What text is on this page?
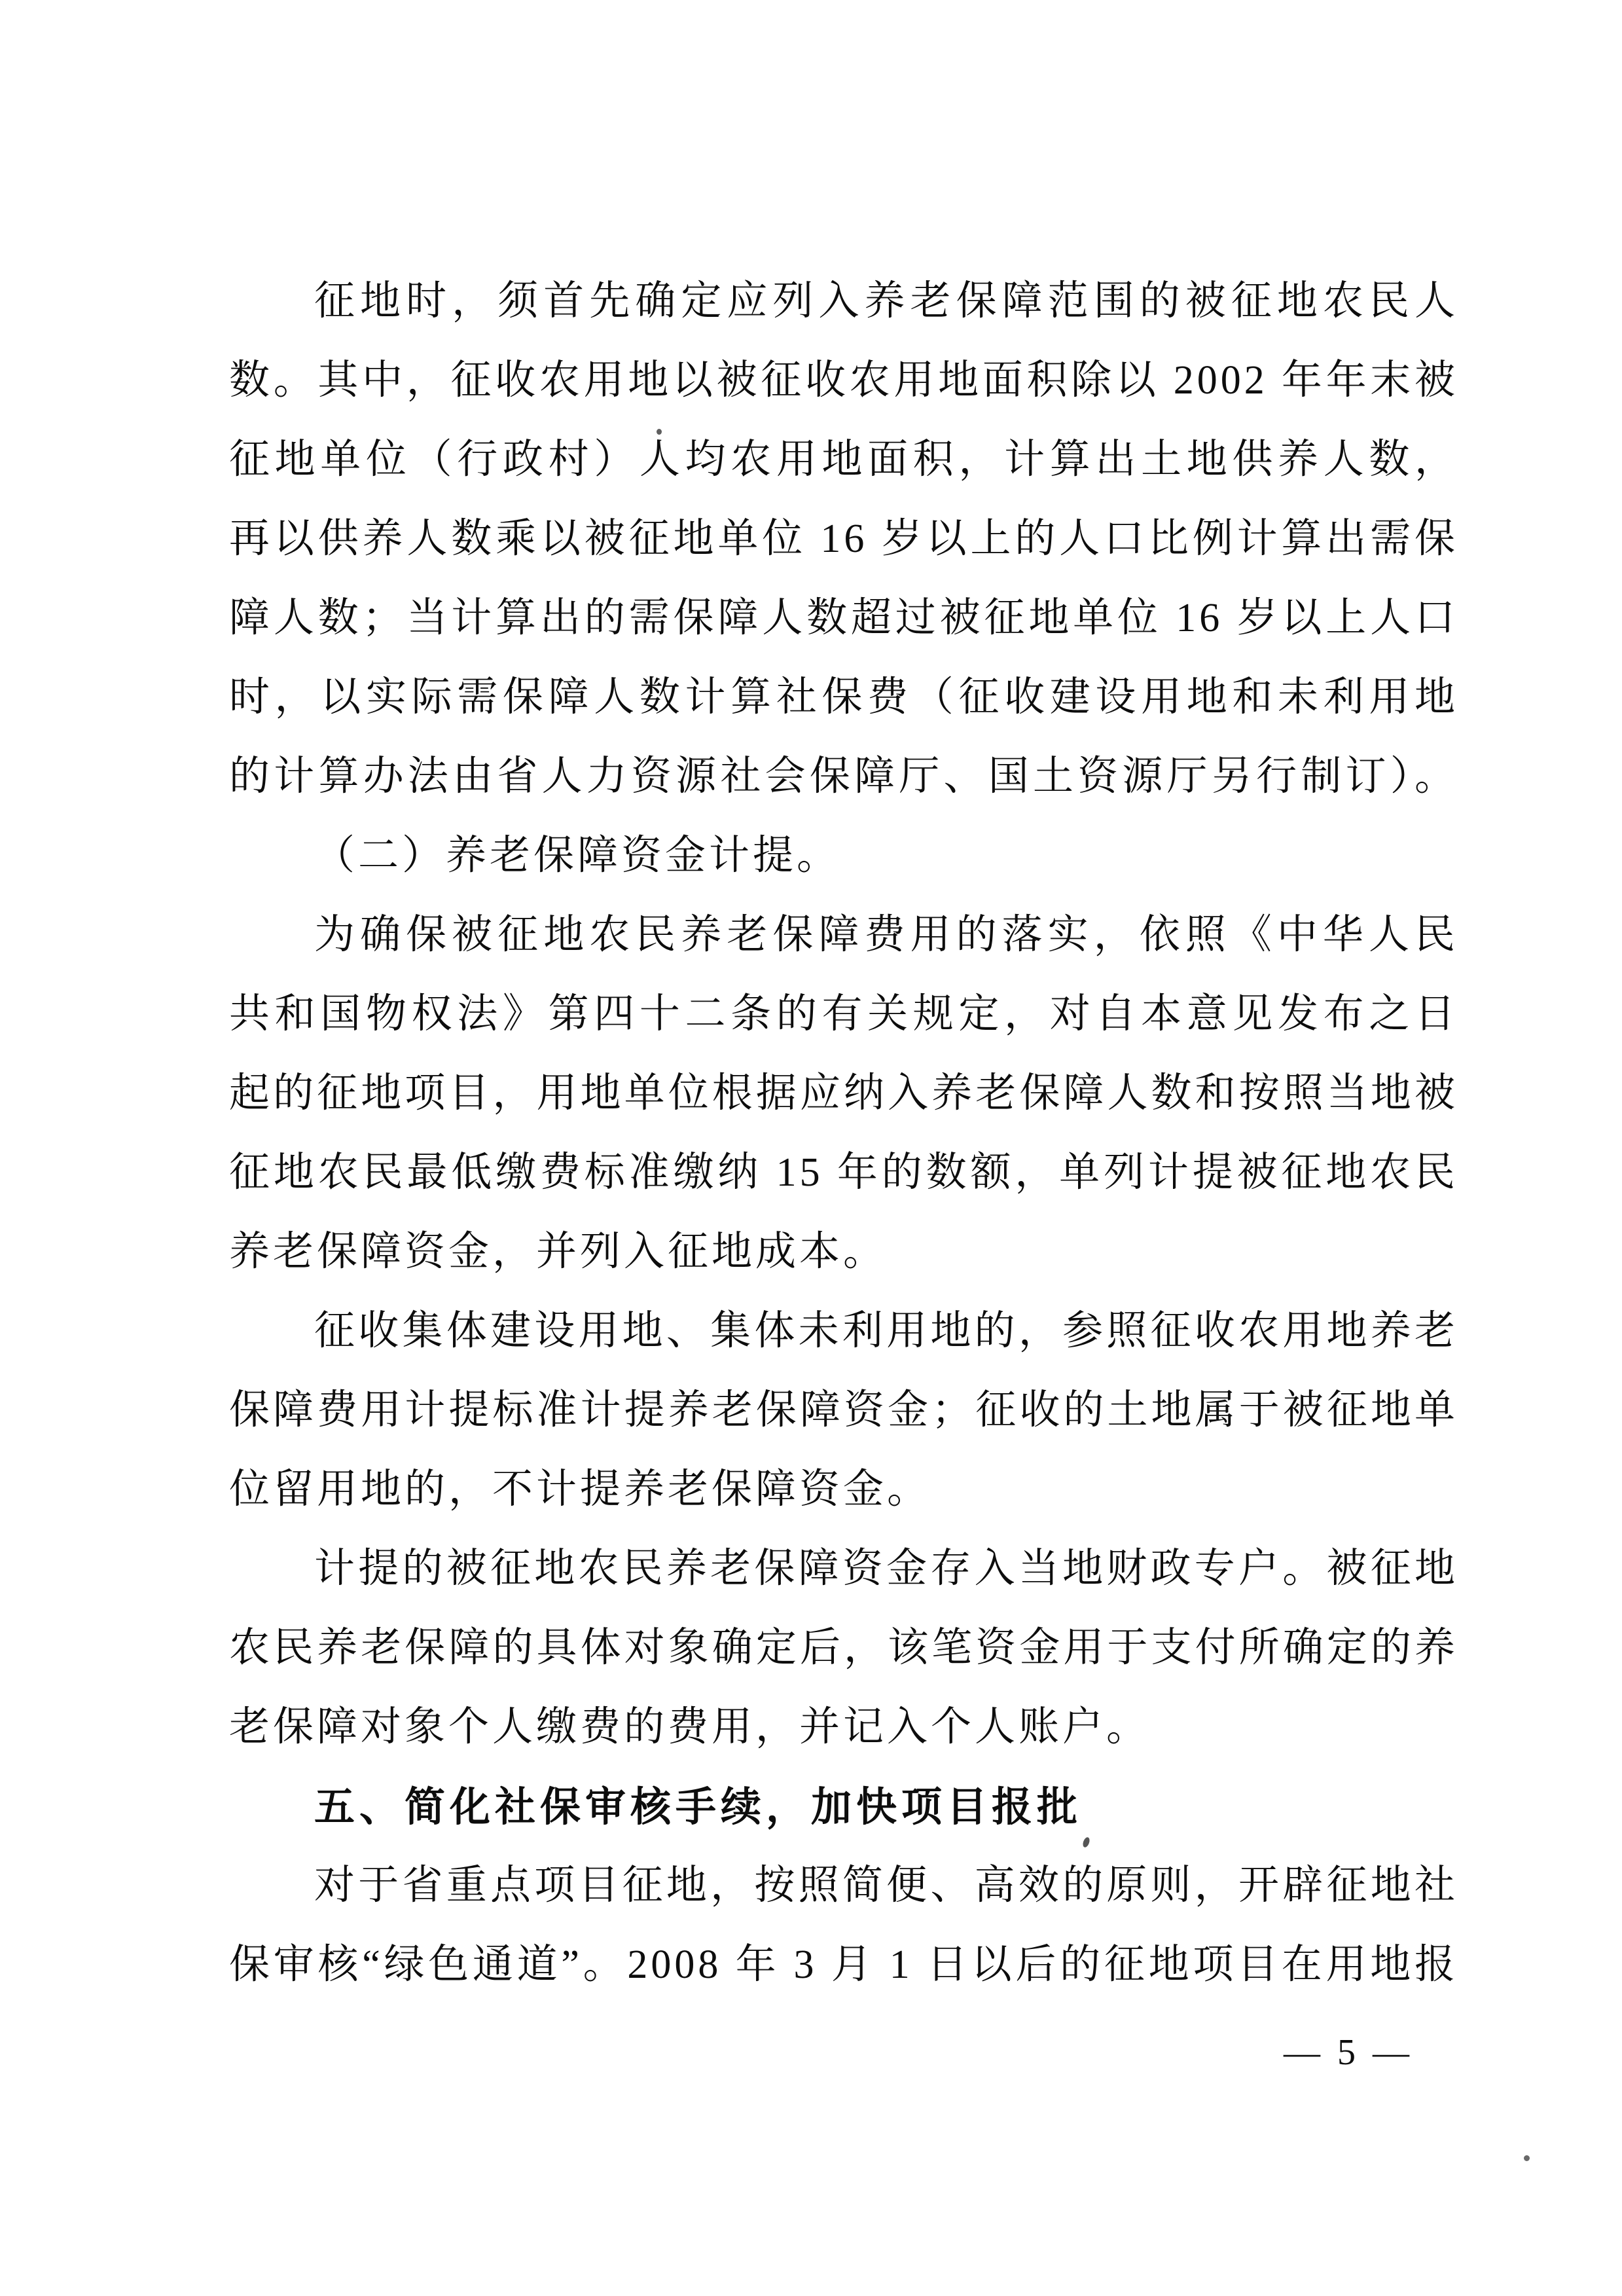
征地时，须首先确定应列入养老保障范围的被征地农民人
数。其中，征收农用地以被征收农用地面积除以 2002 年年末被
征地单位（行政村）人均农用地面积，计算出土地供养人数，
再以供养人数乘以被征地单位 16 岁以上的人口比例计算出需保
障人数；当计算出的需保障人数超过被征地单位 16 岁以上人口
时，以实际需保障人数计算社保费（征收建设用地和未利用地
的计算办法由省人力资源社会保障厅、国土资源厅另行制订）。
（二）养老保障资金计提。
为确保被征地农民养老保障费用的落实，依照《中华人民
共和国物权法》第四十二条的有关规定，对自本意见发布之日
起的征地项目，用地单位根据应纳入养老保障人数和按照当地被
征地农民最低缴费标准缴纳 15 年的数额，单列计提被征地农民
养老保障资金，并列入征地成本。
征收集体建设用地、集体未利用地的，参照征收农用地养老
保障费用计提标准计提养老保障资金；征收的土地属于被征地单
位留用地的，不计提养老保障资金。
计提的被征地农民养老保障资金存入当地财政专户。被征地
农民养老保障的具体对象确定后，该笔资金用于支付所确定的养
老保障对象个人缴费的费用，并记入个人账户。
五、简化社保审核手续，加快项目报批
对于省重点项目征地，按照简便、高效的原则，开辟征地社
保审核“绿色通道”。2008 年 3 月 1 日以后的征地项目在用地报
— 5 —
